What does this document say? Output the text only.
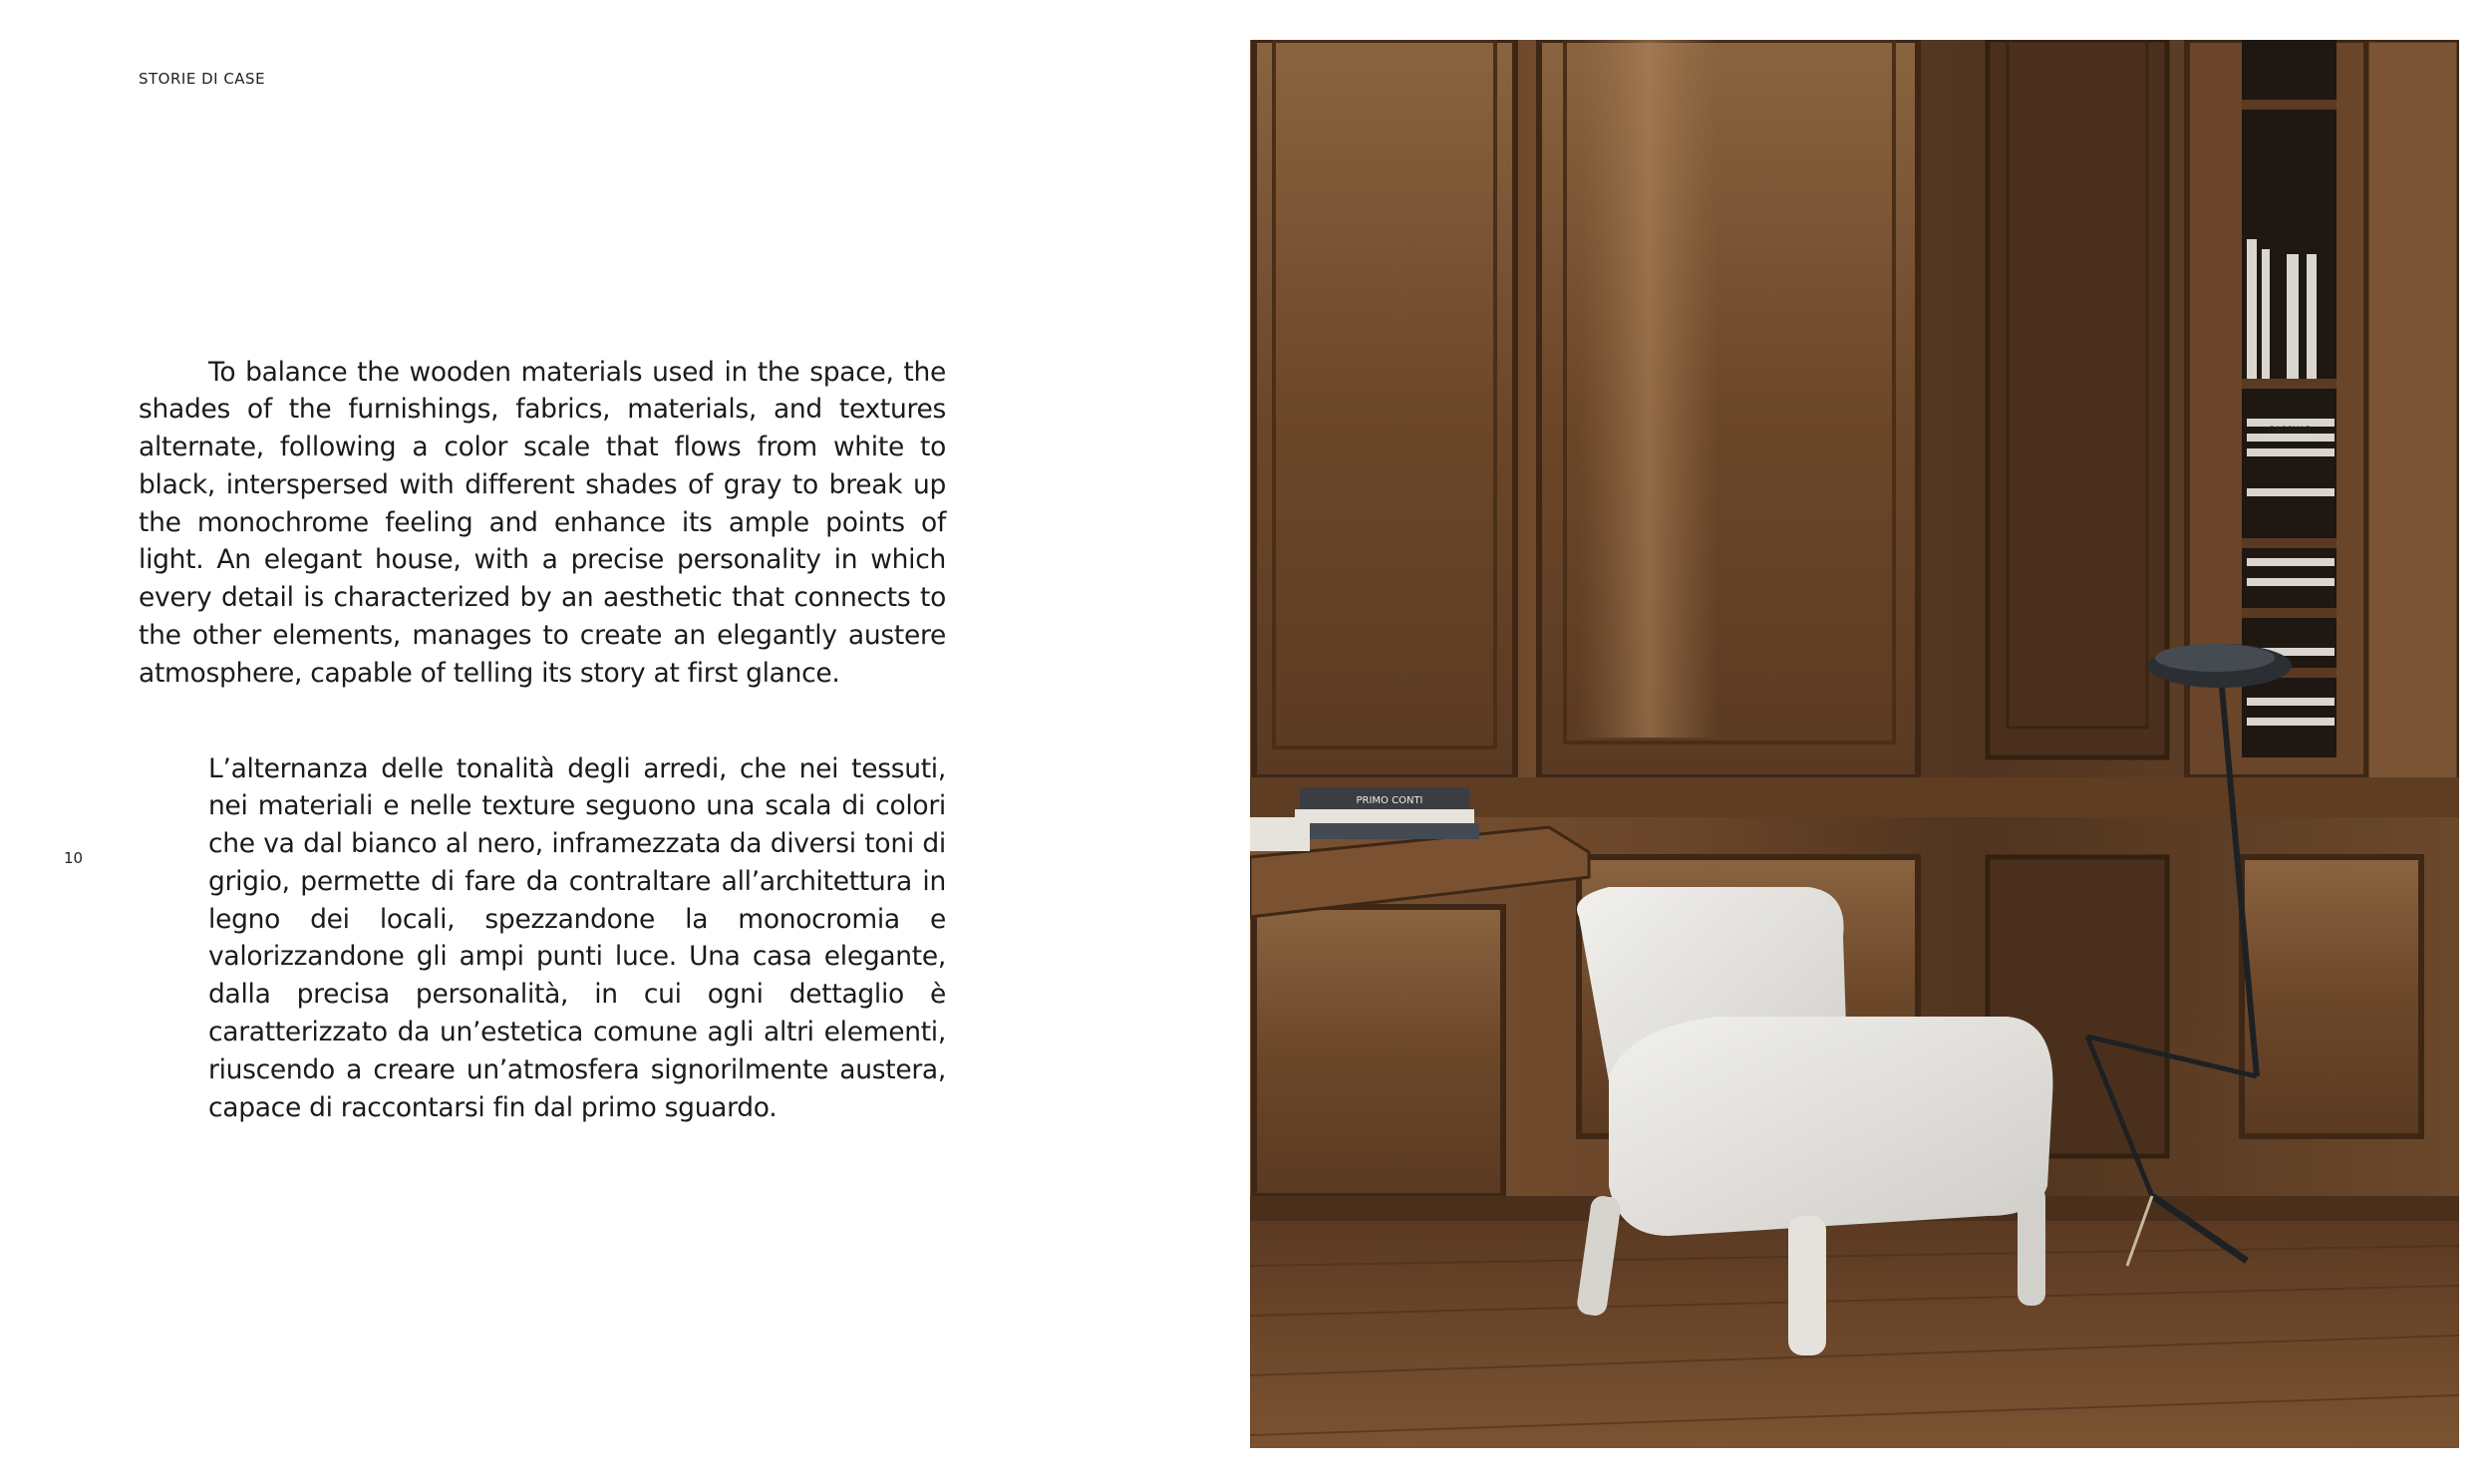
STORIE DI CASE
10

To balance the wooden materials used in the space, the shades of the furnishings, fabrics, materials, and textures alternate, following a color scale that flows from white to black, interspersed with different shades of gray to break up the monochrome feeling and enhance its ample points of light. An elegant house, with a precise personality in which every detail is characterized by an aesthetic that connects to the other elements, manages to create an elegantly austere atmosphere, capable of telling its story at first glance.

L’alternanza delle tonalità degli arredi, che nei tessuti, nei materiali e nelle texture seguono una scala di colori che va dal bianco al nero, inframezzata da diversi toni di grigio, permette di fare da contraltare all’architettura in legno dei locali, spezzandone la monocromia e valorizzandone gli ampi punti luce. Una casa elegante, dalla precisa personalità, in cui ogni dettaglio è caratterizzato da un’estetica comune agli altri elementi, riuscendo a creare un’atmosfera signorilmente austera, capace di raccontarsi fin dal primo sguardo.

GASSNAR
PRIMO CONTI
